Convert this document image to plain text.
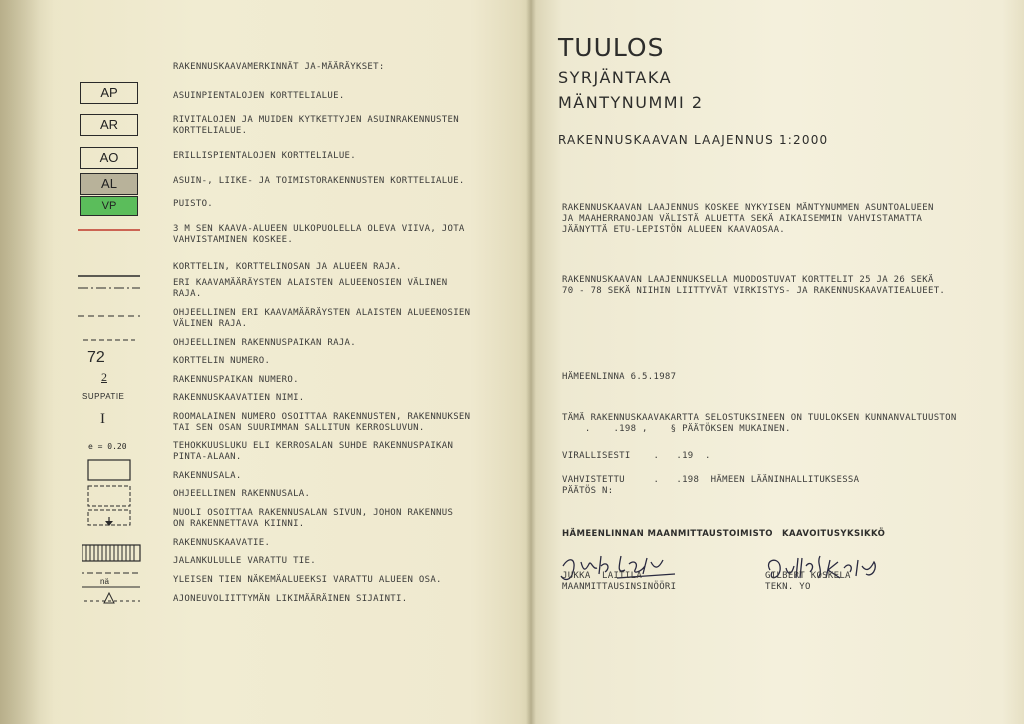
RAKENNUSKAAVAMERKINNÄT JA-MÄÄRÄYKSET:
AP
AR
AO
AL
VP
72
2
SUPPATIE
I
e = 0.20
nä
ASUINPIENTALOJEN KORTTELIALUE.
RIVITALOJEN JA MUIDEN KYTKETTYJEN ASUINRAKENNUSTEN
KORTTELIALUE.
ERILLISPIENTALOJEN KORTTELIALUE.
ASUIN-, LIIKE- JA TOIMISTORAKENNUSTEN KORTTELIALUE.
PUISTO.
3 M SEN KAAVA-ALUEEN ULKOPUOLELLA OLEVA VIIVA, JOTA
VAHVISTAMINEN KOSKEE.
KORTTELIN, KORTTELINOSAN JA ALUEEN RAJA.
ERI KAAVAMÄÄRÄYSTEN ALAISTEN ALUEENOSIEN VÄLINEN
RAJA.
OHJEELLINEN ERI KAAVAMÄÄRÄYSTEN ALAISTEN ALUEENOSIEN
VÄLINEN RAJA.
OHJEELLINEN RAKENNUSPAIKAN RAJA.
KORTTELIN NUMERO.
RAKENNUSPAIKAN NUMERO.
RAKENNUSKAAVATIEN NIMI.
ROOMALAINEN NUMERO OSOITTAA RAKENNUSTEN, RAKENNUKSEN
TAI SEN OSAN SUURIMMAN SALLITUN KERROSLUVUN.
TEHOKKUUSLUKU ELI KERROSALAN SUHDE RAKENNUSPAIKAN
PINTA-ALAAN.
RAKENNUSALA.
OHJEELLINEN RAKENNUSALA.
NUOLI OSOITTAA RAKENNUSALAN SIVUN, JOHON RAKENNUS
ON RAKENNETTAVA KIINNI.
RAKENNUSKAAVATIE.
JALANKULULLE VARATTU TIE.
YLEISEN TIEN NÄKEMÄALUEEKSI VARATTU ALUEEN OSA.
AJONEUVOLIITTYMÄN LIKIMÄÄRÄINEN SIJAINTI.
TUULOS
SYRJÄNTAKA
MÄNTYNUMMI 2
RAKENNUSKAAVAN LAAJENNUS 1:2000
RAKENNUSKAAVAN LAAJENNUS KOSKEE NYKYISEN MÄNTYNUMMEN ASUNTOALUEEN
JA MAAHERRANOJAN VÄLISTÄ ALUETTA SEKÄ AIKAISEMMIN VAHVISTAMATTA
JÄÄNYTTÄ ETU-LEPISTÖN ALUEEN KAAVAOSAA.
RAKENNUSKAAVAN LAAJENNUKSELLA MUODOSTUVAT KORTTELIT 25 JA 26 SEKÄ
70 - 78 SEKÄ NIIHIN LIITTYVÄT VIRKISTYS- JA RAKENNUSKAAVATIEALUEET.
HÄMEENLINNA 6.5.1987
TÄMÄ RAKENNUSKAAVAKARTTA SELOSTUKSINEEN ON TUULOKSEN KUNNANVALTUUSTON
.    .198 ,    § PÄÄTÖKSEN MUKAINEN.
VIRALLISESTI    .   .19  .
VAHVISTETTU     .   .198  HÄMEEN LÄÄNINHALLITUKSESSA
PÄÄTÖS N:
HÄMEENLINNAN MAANMITTAUSTOIMISTO KAAVOITUSYKSIKKÖ
JUKKA  LAITILA
MAANMITTAUSINSINÖÖRI
GILBERT KOSKELA
TEKN. YO
